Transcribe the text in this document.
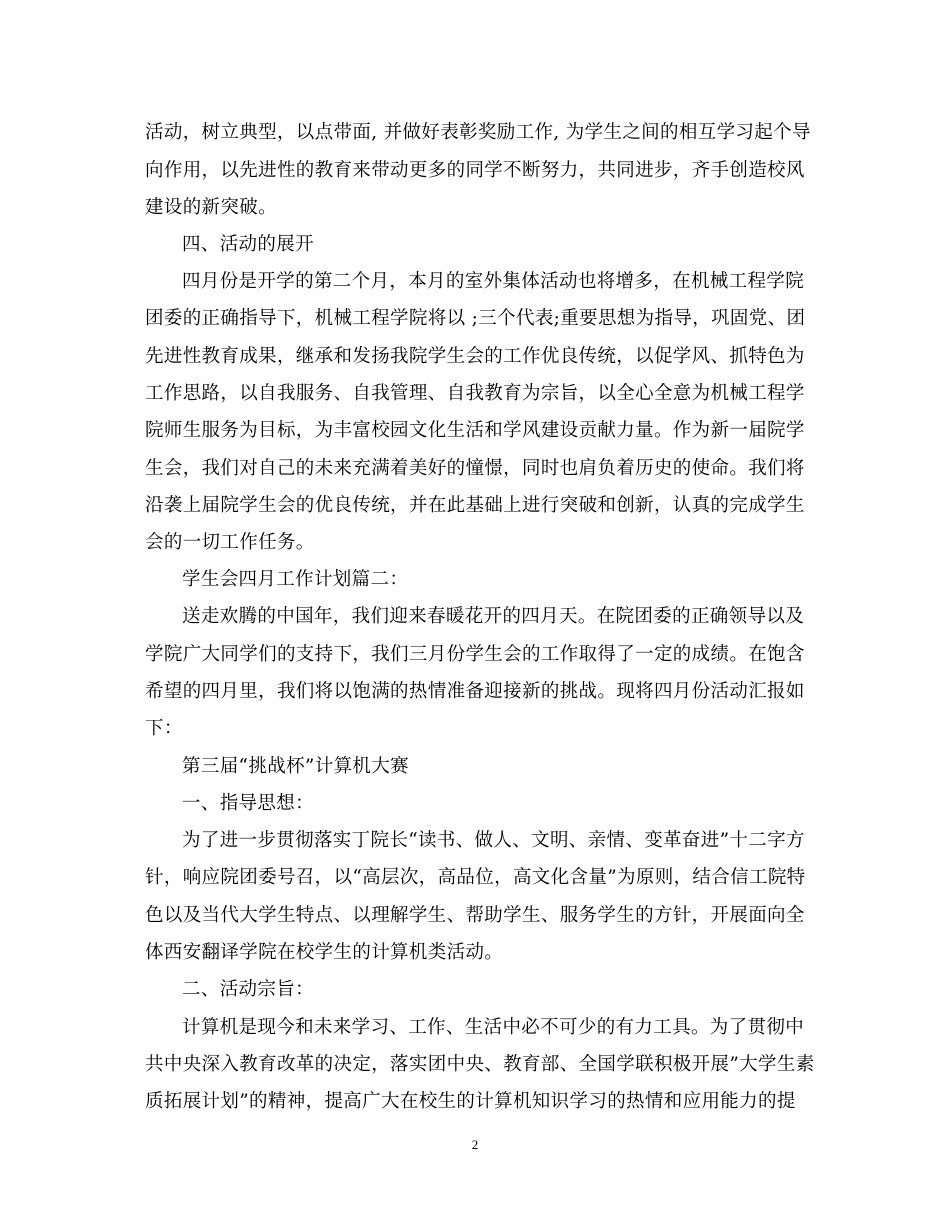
活动，树立典型，以点带面, 并做好表彰奖励工作, 为学生之间的相互学习起个导
向作用，以先进性的教育来带动更多的同学不断努力，共同进步，齐手创造校风
建设的新突破。
四、活动的展开
四月份是开学的第二个月，本月的室外集体活动也将增多，在机械工程学院
团委的正确指导下，机械工程学院将以 ;三个代表;重要思想为指导，巩固党、团
先进性教育成果，继承和发扬我院学生会的工作优良传统，以促学风、抓特色为
工作思路，以自我服务、自我管理、自我教育为宗旨，以全心全意为机械工程学
院师生服务为目标，为丰富校园文化生活和学风建设贡献力量。作为新一届院学
生会，我们对自己的未来充满着美好的憧憬，同时也肩负着历史的使命。我们将
沿袭上届院学生会的优良传统，并在此基础上进行突破和创新，认真的完成学生
会的一切工作任务。
学生会四月工作计划篇二：
送走欢腾的中国年，我们迎来春暖花开的四月天。在院团委的正确领导以及
学院广大同学们的支持下，我们三月份学生会的工作取得了一定的成绩。在饱含
希望的四月里，我们将以饱满的热情准备迎接新的挑战。现将四月份活动汇报如
下：
第三届“挑战杯”计算机大赛
一、指导思想：
为了进一步贯彻落实丁院长“读书、做人、文明、亲情、变革奋进”十二字方
针，响应院团委号召，以“高层次，高品位，高文化含量”为原则，结合信工院特
色以及当代大学生特点、以理解学生、帮助学生、服务学生的方针，开展面向全
体西安翻译学院在校学生的计算机类活动。
二、活动宗旨：
计算机是现今和未来学习、工作、生活中必不可少的有力工具。为了贯彻中
共中央深入教育改革的决定，落实团中央、教育部、全国学联积极开展”大学生素
质拓展计划”的精神，提高广大在校生的计算机知识学习的热情和应用能力的提
2
